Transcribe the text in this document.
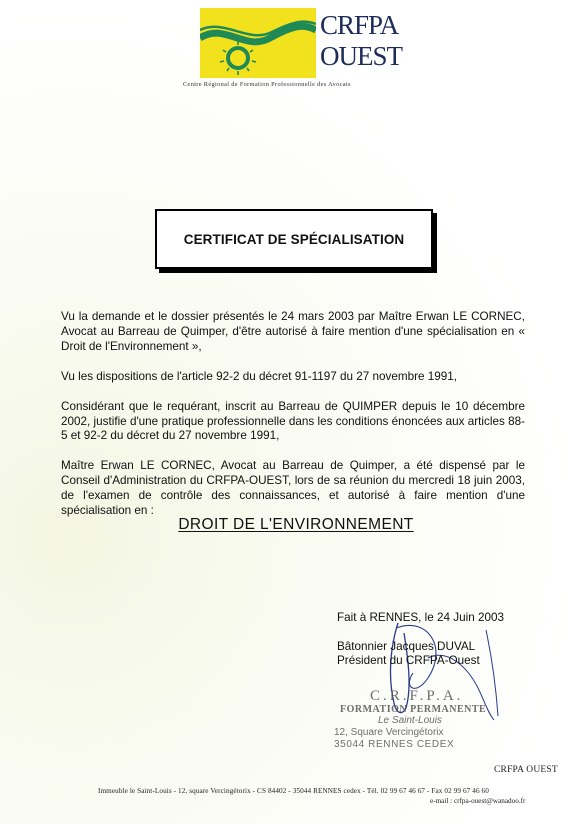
CRFPA
OUEST
Centre Régional de Formation Professionnelle des Avocats
CERTIFICAT DE SPÉCIALISATION

Vu la demande et le dossier présentés le 24 mars 2003 par Maître Erwan LE CORNEC, Avocat au Barreau de Quimper, d'être autorisé à faire mention d'une spécialisation en « Droit de l'Environnement »,

Vu les dispositions de l'article 92-2 du décret 91-1197 du 27 novembre 1991,

Considérant que le requérant, inscrit au Barreau de QUIMPER depuis le 10 décembre 2002, justifie d'une pratique professionnelle dans les conditions énoncées aux articles 88-5 et 92-2 du décret du 27 novembre 1991,

Maître Erwan LE CORNEC, Avocat au Barreau de Quimper, a été dispensé par le Conseil d'Administration du CRFPA-OUEST, lors de sa réunion du mercredi 18 juin 2003, de l'examen de contrôle des connaissances, et autorisé à faire mention d'une spécialisation en :

DROIT DE L'ENVIRONNEMENT
Fait à RENNES, le 24 Juin 2003
Bâtonnier Jacques DUVAL
Président du CRFPA-Ouest
C.R.F.P.A.
FORMATION PERMANENTE
Le Saint-Louis
12, Square Vercingétorix
35044 RENNES CEDEX
CRFPA OUEST
Immeuble le Saint-Louis - 12, square Vercingétorix - CS 84402 - 35044 RENNES cedex - Tél. 02 99 67 46 67 - Fax 02 99 67 46 60
e-mail : crfpa-ouest@wanadoo.fr
